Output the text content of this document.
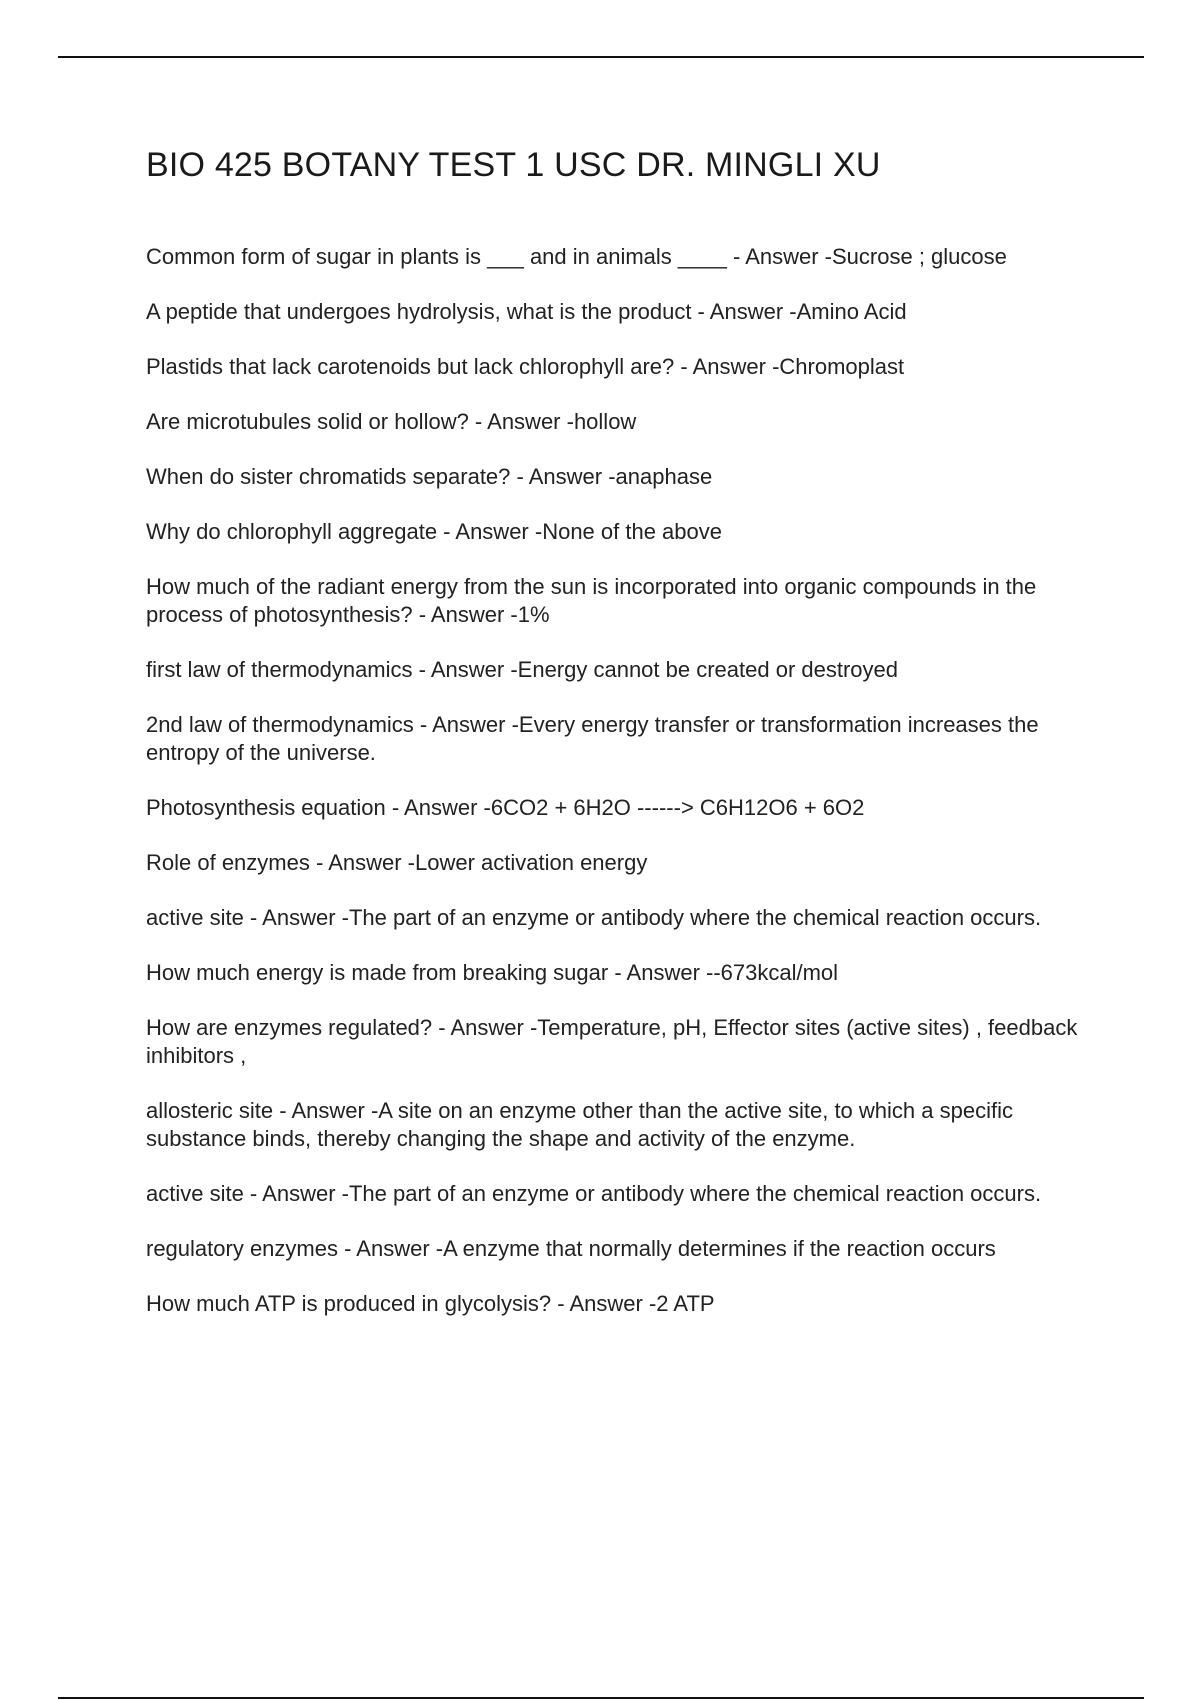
BIO 425 BOTANY TEST 1 USC DR. MINGLI XU
Common form of sugar in plants is ___ and in animals ____ - Answer -Sucrose ; glucose
A peptide that undergoes hydrolysis, what is the product - Answer -Amino Acid
Plastids that lack carotenoids but lack chlorophyll are? - Answer -Chromoplast
Are microtubules solid or hollow? - Answer -hollow
When do sister chromatids separate? - Answer -anaphase
Why do chlorophyll aggregate - Answer -None of the above
How much of the radiant energy from the sun is incorporated into organic compounds in the process of photosynthesis? - Answer -1%
first law of thermodynamics - Answer -Energy cannot be created or destroyed
2nd law of thermodynamics - Answer -Every energy transfer or transformation increases the entropy of the universe.
Photosynthesis equation - Answer -6CO2 + 6H2O ------> C6H12O6 + 6O2
Role of enzymes - Answer -Lower activation energy
active site - Answer -The part of an enzyme or antibody where the chemical reaction occurs.
How much energy is made from breaking sugar - Answer --673kcal/mol
How are enzymes regulated? - Answer -Temperature, pH, Effector sites (active sites) , feedback inhibitors ,
allosteric site - Answer -A site on an enzyme other than the active site, to which a specific substance binds, thereby changing the shape and activity of the enzyme.
active site - Answer -The part of an enzyme or antibody where the chemical reaction occurs.
regulatory enzymes - Answer -A enzyme that normally determines if the reaction occurs
How much ATP is produced in glycolysis? - Answer -2 ATP
